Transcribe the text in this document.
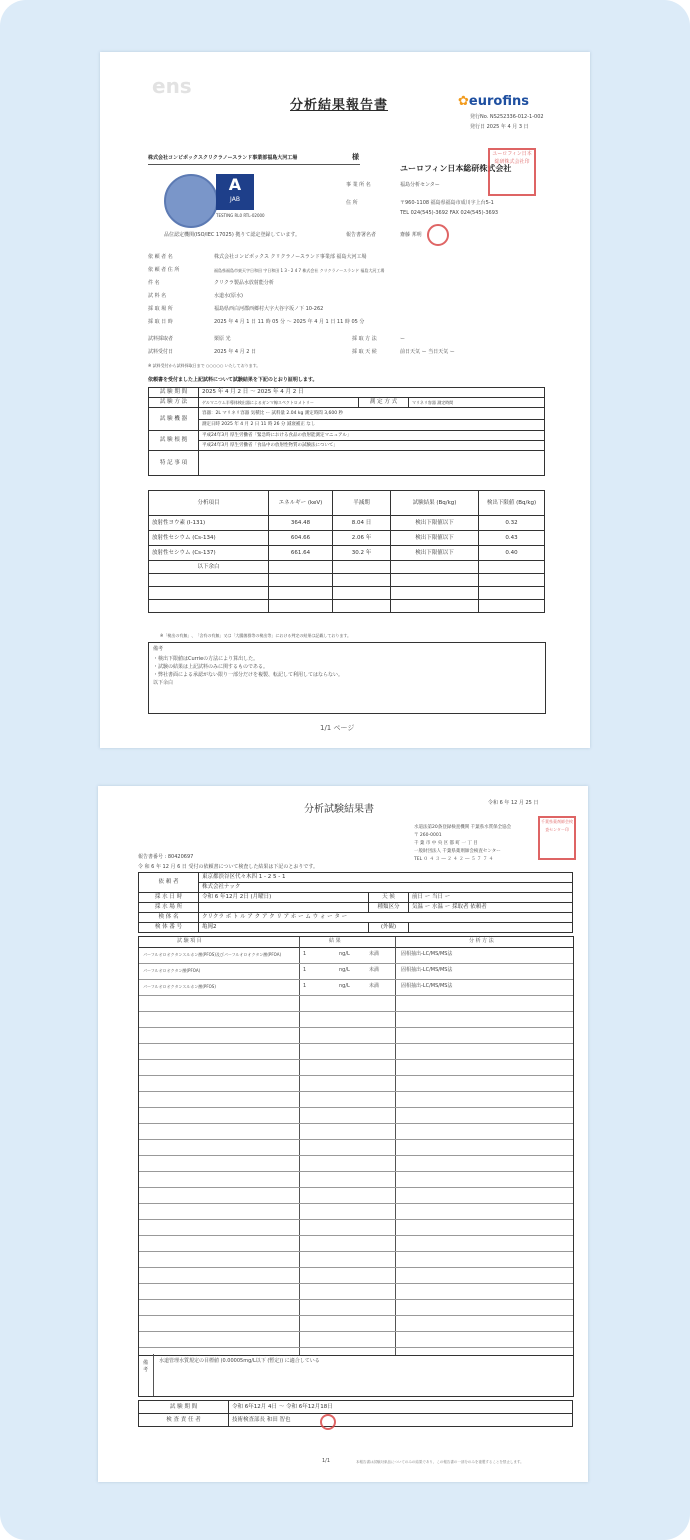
ens
分析結果報告書	✿eurofins
発行No. NS252336-012-1-002
発行日 2025 年 4 月 3 日
株式会社コンビボックスクリクラノースランド事業部福島大河工場	様
A
JAB
TESTING RL0 RTL-02000
品位認定機関(ISO/IEC 17025) 拠りて認定登録しています。
ユーロフィン日本総研株式会社
事 業 所 名	福島分析センター
住 所	〒960-1108 福島県福島市成川字上台5-1
TEL 024(545)-3692 FAX 024(545)-3693
報告書署名者	齋藤 邦明
ユーロフィン日本総研株式会社印
依 頼 者 名	株式会社コンビボックス クリクラノースランド事業部 福島大河工場
依 頼 者 住 所	福島県福島市東天字日和田 字日和田 1 3 - 2 4 7 株式会社 クリクラノースランド 福島大河工場
件 名	クリクラ製品水放射能分析
試 料 名	水道水(原水)
採 取 場 所	福島県西白河郡西郷村大字大谷字坂ノ下 10-262
採 取 日 時	2025 年 4 月 1 日 11 時 05 分 〜 2025 年 4 月 1 日 11 時 05 分
試料採取者	栗原 光
試料受付日	2025 年 4 月 2 日
採 取 方 法	ー
採 取 天 候	前日天気 ー 当日天気 ー
※ 試料受付から試料採取日まで ○○○○○ いたしております。
依頼書を受付ました上記試料について試験結果を下記のとおり証明します。
試 験 期 間	2025 年 4 月 2 日 〜 2025 年 4 月 2 日		
試 験 方 法	ゲルマニウム半導体検出器によるガンマ線スペクトロメトリー	測 定 方 式	マリネリ容器 測定時間
試 験 機 器	容器：2L マリネリ容器 気積比 ー 試料量 2.04 kg 測定時間 3,600 秒		
	測定日時 2025 年 4 月 2 日 11 時 26 分 減衰補正 なし		
試 験 根 拠	平成24年3月 厚生労働省「緊急時における食品の放射能測定マニュアル」		
	平成24年3月 厚生労働省「食品中の放射性物質の試験法について」		
特 記 事 項			
分析項目	エネルギー (keV)	半減期	試験結果 (Bq/kg)	検出下限値 (Bq/kg)
放射性ヨウ素 (I-131)	364.48	8.04 日	検出下限値以下	0.32
放射性セシウム (Cs-134)	604.66	2.06 年	検出下限値以下	0.43
放射性セシウム (Cs-137)	661.64	30.2 年	検出下限値以下	0.40
以下余白				

※「検出の有無」、「含有の有無」又は「大腸菌群等の検出等」における判定の結果は記載しております。
備考
・検出下限値はCurrieの方法により算出した。
・試験の結果は上記試料のみに関するものである。
・弊社書面による承認がない限り一部分だけを複製、転記して利用してはならない。
以下余白
1/1 ページ
分析試験結果書
令和 6 年 12 月 25 日
水道法第20条登録検査機関 千葉県水質保全協会
〒 260-0001
千 葉 市 中 央 区 都 町 一 丁 目
一般財団法人 千葉県薬剤師会検査センター
TEL ０ ４ ３ ― ２ ４ ２ ― ５ ７ ７ ４
千葉県薬剤師会検査センター印
報告書番号 : 80420697
令 和 6 年 12 月 6 日 受付の依頼書について検査した結果は下記のとおりです。
依 頼 者	東京都渋谷区代々木四 1 - 2 5 - 1		
	株式会社ナック		
採 水 日 時	令和 6 年12月 2日 (月曜日)	天 候	前日 ー 当日 ー
採 水 場 所		種類区分	気温 ー 水温 ー 採取者 依頼者
検 体 名	クリクラ ボ ト ル ア ク ア ク リ ア ホ ー ム ウ ォ ー タ ー		
検 体 番 号	亀岡2	(外観)	
試 験 項 目	結 果	分 析 方 法
パーフルオロオクタンスルホン酸(PFOS)及びパーフルオロオクタン酸(PFOA)	1	ng/L	未満	固相抽出-LC/MS/MS法
パーフルオロオクタン酸(PFOA)	1	ng/L	未満	固相抽出-LC/MS/MS法
パーフルオロオクタンスルホン酸(PFOS)	1	ng/L	未満	固相抽出-LC/MS/MS法
備 考
水道管理水質規定の目標値 (0.00005mg/L以下 (暫定)) に適合している
試 験 期 間	令和 6年12月 4日 〜 令和 6年12月18日
検 査 責 任 者	技術検査部長 和田 智也
1/1	本報告書は試験対象品についてのみの結果であり、この報告書の一部分のみを複製することを禁止します。
